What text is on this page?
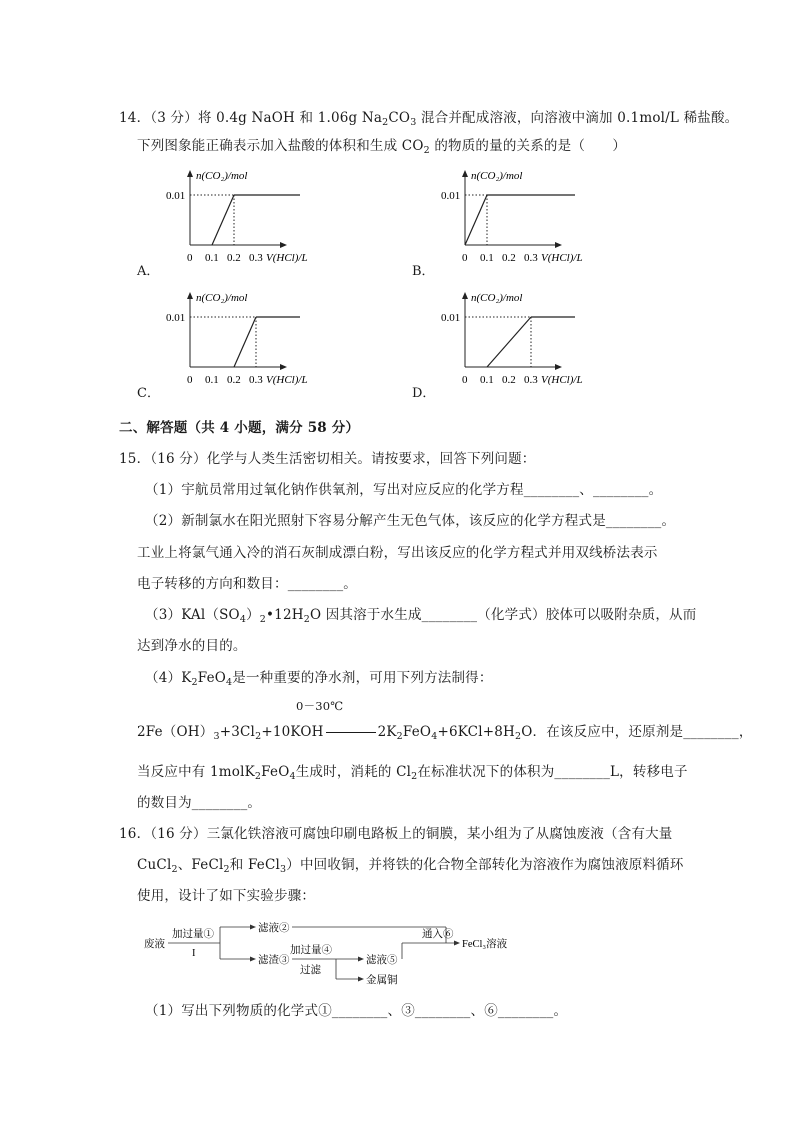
14．（3 分）将 0.4g NaOH 和 1.06g $Na_2CO_3$ 混合并配成溶液，向溶液中滴加 0.1mol/L 稀盐酸。
下列图象能正确表示加入盐酸的体积和生成 $CO_2$ 的物质的量的关系的是（　　）
A．
n(CO₂)/mol
0.01
0 0.1 0.2 0.3 V(HCl)/L
B．
n(CO₂)/mol
0.01
0 0.1 0.2 0.3 V(HCl)/L
C．
n(CO₂)/mol
0.01
0 0.1 0.2 0.3 V(HCl)/L
D．
n(CO₂)/mol
0.01
0 0.1 0.2 0.3 V(HCl)/L
二、解答题（共 4 小题，满分 58 分）
15．（16 分）化学与人类生活密切相关。请按要求，回答下列问题：
（1）宇航员常用过氧化钠作供氧剂，写出对应反应的化学方程________、________。
（2）新制氯水在阳光照射下容易分解产生无色气体，该反应的化学方程式是________。
工业上将氯气通入冷的消石灰制成漂白粉，写出该反应的化学方程式并用双线桥法表示
电子转移的方向和数目：________。
$(3)KAl(SO_4)_2•12H_2O$ 因其溶于水生成________（化学式）胶体可以吸附杂质，从而
达到净水的目的。
$(4)K_2FeO_4$是一种重要的净水剂，可用下列方法制得：
0－30℃
$2Fe(OH)_3+3Cl_2+10KOH$	$2K_2FeO_4+6KCl+8H_2O$．在该反应中，还原剂是________，
当反应中有 1molK$_2$FeO$_4$生成时，消耗的 $Cl_2$在标准状况下的体积为________L，转移电子
的数目为________。
16．（16 分）三氯化铁溶液可腐蚀印刷电路板上的铜膜，某小组为了从腐蚀废液（含有大量
CuCl$_2$、FeCl$_2$和 FeCl$_3$）中回收铜，并将铁的化合物全部转化为溶液作为腐蚀液原料循环
使用，设计了如下实验步骤：
废液
加过量①
I
滤液②
滤渣③
加过量④
过滤
滤液⑤
金属铜
通入⑥
FeCl₃溶液
（1）写出下列物质的化学式①________、③________、⑥________。
